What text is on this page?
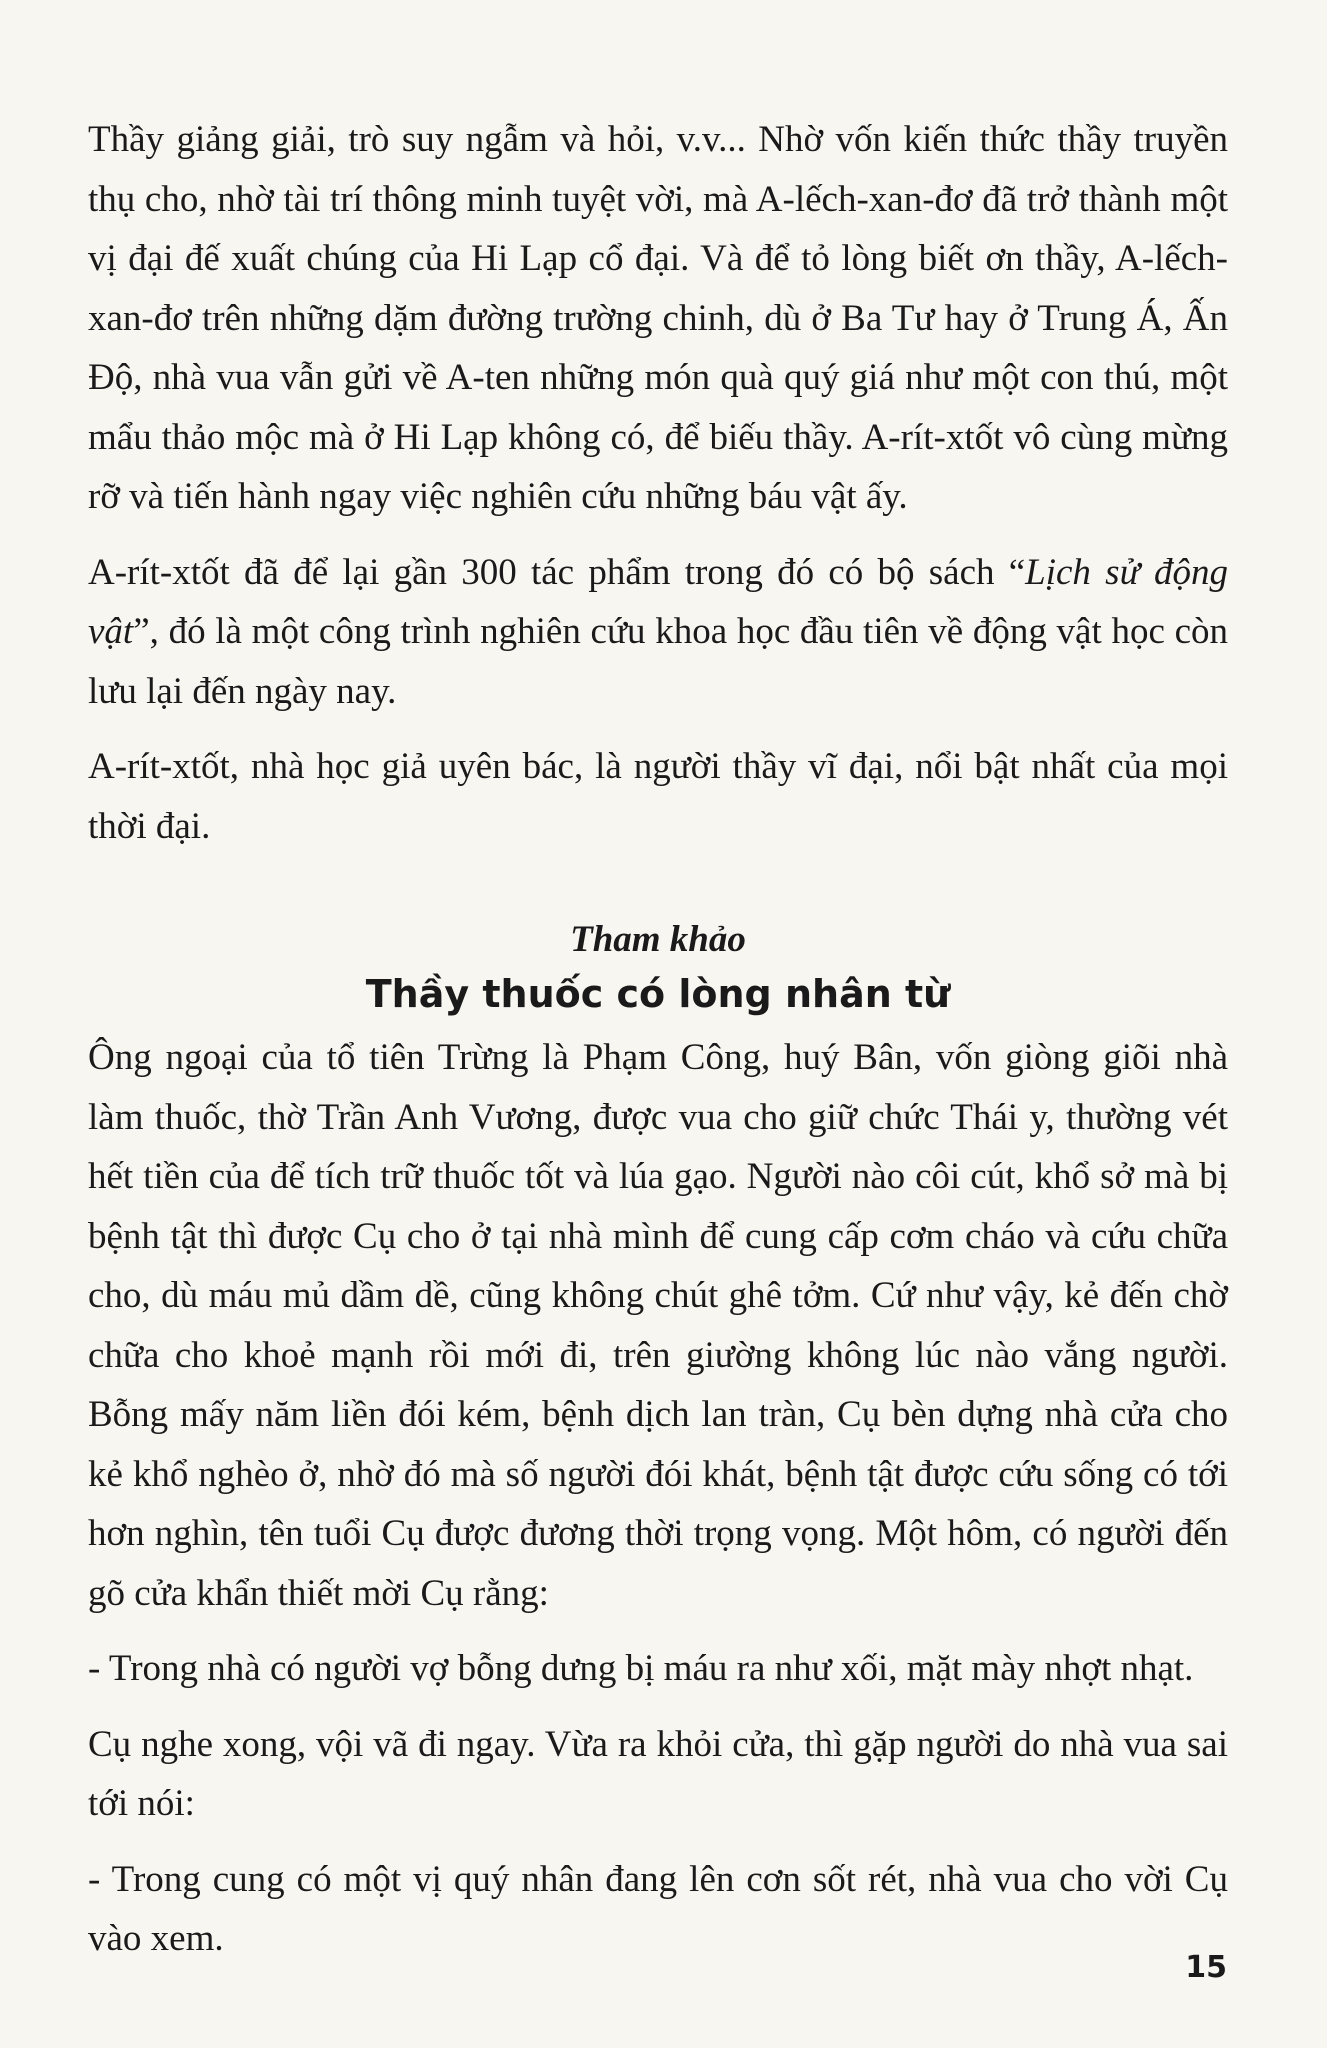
Thầy giảng giải, trò suy ngẫm và hỏi, v.v... Nhờ vốn kiến thức thầy truyền thụ cho, nhờ tài trí thông minh tuyệt vời, mà A-lếch-xan-đơ đã trở thành một vị đại đế xuất chúng của Hi Lạp cổ đại. Và để tỏ lòng biết ơn thầy, A-lếch-xan-đơ trên những dặm đường trường chinh, dù ở Ba Tư hay ở Trung Á, Ấn Độ, nhà vua vẫn gửi về A-ten những món quà quý giá như một con thú, một mẩu thảo mộc mà ở Hi Lạp không có, để biếu thầy. A-rít-xtốt vô cùng mừng rỡ và tiến hành ngay việc nghiên cứu những báu vật ấy.

A-rít-xtốt đã để lại gần 300 tác phẩm trong đó có bộ sách “Lịch sử động vật”, đó là một công trình nghiên cứu khoa học đầu tiên về động vật học còn lưu lại đến ngày nay.

A-rít-xtốt, nhà học giả uyên bác, là người thầy vĩ đại, nổi bật nhất của mọi thời đại.

Tham khảo
Thầy thuốc có lòng nhân từ

Ông ngoại của tổ tiên Trừng là Phạm Công, huý Bân, vốn giòng giõi nhà làm thuốc, thờ Trần Anh Vương, được vua cho giữ chức Thái y, thường vét hết tiền của để tích trữ thuốc tốt và lúa gạo. Người nào côi cút, khổ sở mà bị bệnh tật thì được Cụ cho ở tại nhà mình để cung cấp cơm cháo và cứu chữa cho, dù máu mủ dầm dề, cũng không chút ghê tởm. Cứ như vậy, kẻ đến chờ chữa cho khoẻ mạnh rồi mới đi, trên giường không lúc nào vắng người. Bỗng mấy năm liền đói kém, bệnh dịch lan tràn, Cụ bèn dựng nhà cửa cho kẻ khổ nghèo ở, nhờ đó mà số người đói khát, bệnh tật được cứu sống có tới hơn nghìn, tên tuổi Cụ được đương thời trọng vọng. Một hôm, có người đến gõ cửa khẩn thiết mời Cụ rằng:

- Trong nhà có người vợ bỗng dưng bị máu ra như xối, mặt mày nhợt nhạt.

Cụ nghe xong, vội vã đi ngay. Vừa ra khỏi cửa, thì gặp người do nhà vua sai tới nói:

- Trong cung có một vị quý nhân đang lên cơn sốt rét, nhà vua cho vời Cụ vào xem.

15
